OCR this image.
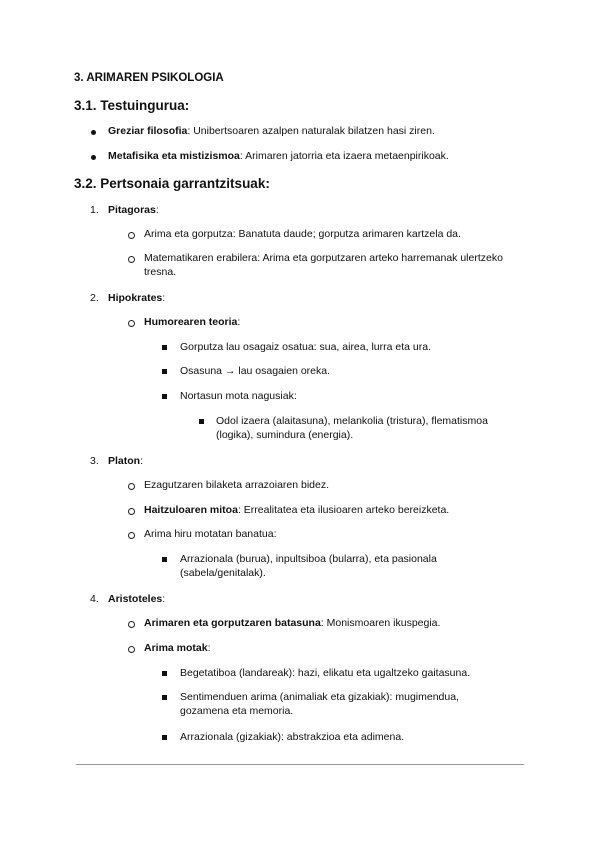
3. ARIMAREN PSIKOLOGIA
3.1. Testuingurua:
Greziar filosofia: Unibertsoaren azalpen naturalak bilatzen hasi ziren.
Metafisika eta mistizismoa: Arimaren jatorria eta izaera metaenpirikoak.
3.2. Pertsonaia garrantzitsuak:
1. Pitagoras:
Arima eta gorputza: Banatuta daude; gorputza arimaren kartzela da.
Matematikaren erabilera: Arima eta gorputzaren arteko harremanak ulertzeko
tresna.
2. Hipokrates:
Humorearen teoria:
Gorputza lau osagaiz osatua: sua, airea, lurra eta ura.
Osasuna → lau osagaien oreka.
Nortasun mota nagusiak:
Odol izaera (alaitasuna), melankolia (tristura), flematismoa
(logika), sumindura (energia).
3. Platon:
Ezagutzaren bilaketa arrazoiaren bidez.
Haitzuloaren mitoa: Errealitatea eta ilusioaren arteko bereizketa.
Arima hiru motatan banatua:
Arrazionala (burua), inpultsiboa (bularra), eta pasionala
(sabela/genitalak).
4. Aristoteles:
Arimaren eta gorputzaren batasuna: Monismoaren ikuspegia.
Arima motak:
Begetatiboa (landareak): hazi, elikatu eta ugaltzeko gaitasuna.
Sentimenduen arima (animaliak eta gizakiak): mugimendua,
gozamena eta memoria.
Arrazionala (gizakiak): abstrakzioa eta adimena.
